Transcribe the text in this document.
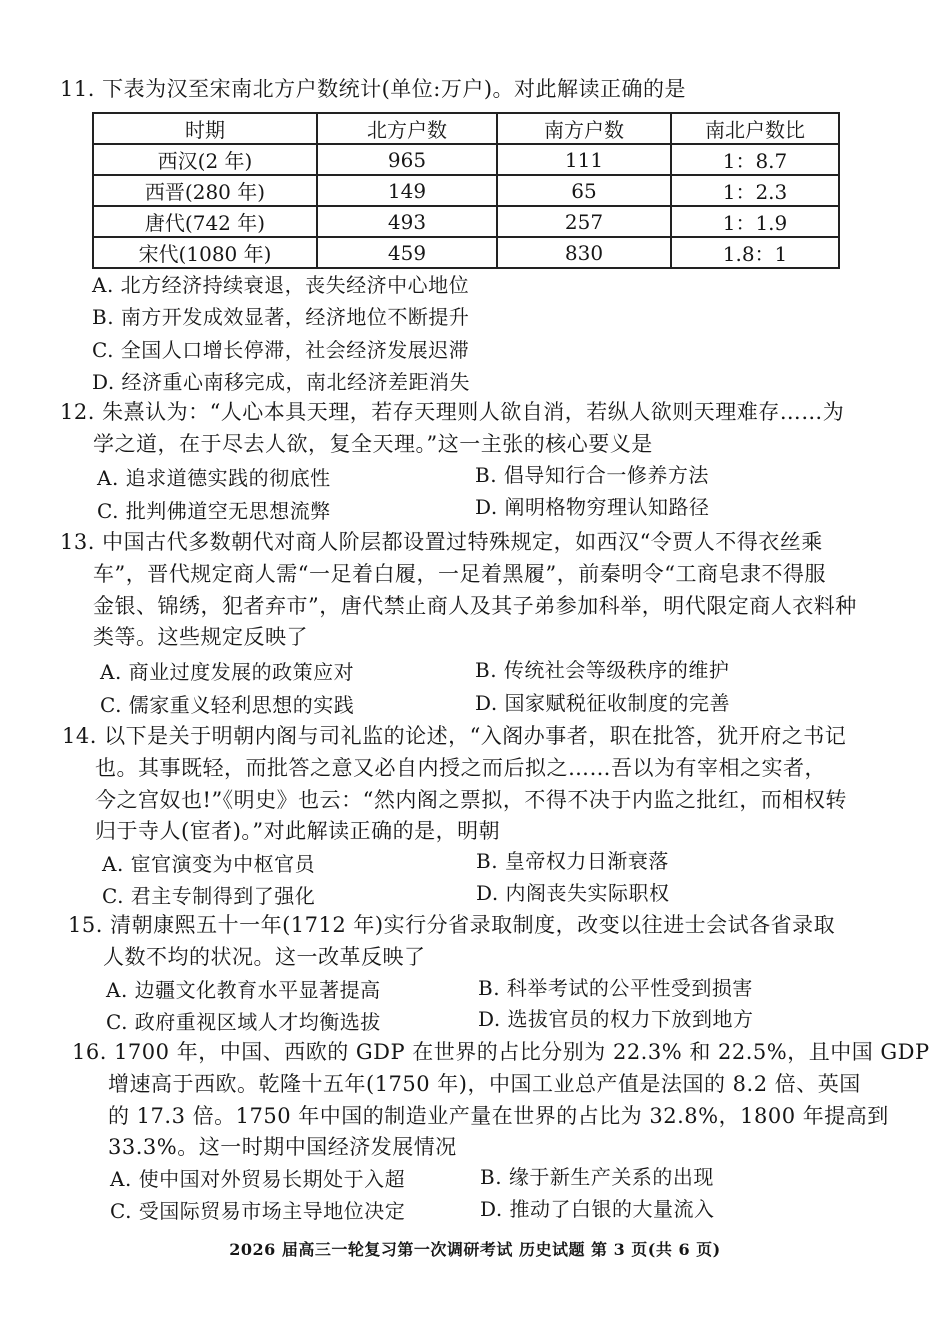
11. 下表为汉至宋南北方户数统计(单位:万户)。对此解读正确的是
时期	北方户数	南方户数	南北户数比
西汉(2 年)	965	111	1：8.7
西晋(280 年)	149	65	1：2.3
唐代(742 年)	493	257	1：1.9
宋代(1080 年)	459	830	1.8：1
A. 北方经济持续衰退，丧失经济中心地位
B. 南方开发成效显著，经济地位不断提升
C. 全国人口增长停滞，社会经济发展迟滞
D. 经济重心南移完成，南北经济差距消失
12. 朱熹认为：“人心本具天理，若存天理则人欲自消，若纵人欲则天理难存……为
学之道，在于尽去人欲，复全天理。”这一主张的核心要义是
A. 追求道德实践的彻底性	B. 倡导知行合一修养方法
C. 批判佛道空无思想流弊	D. 阐明格物穷理认知路径
13. 中国古代多数朝代对商人阶层都设置过特殊规定，如西汉“令贾人不得衣丝乘
车”，晋代规定商人需“一足着白履，一足着黑履”，前秦明令“工商皂隶不得服
金银、锦绣，犯者弃市”，唐代禁止商人及其子弟参加科举，明代限定商人衣料种
类等。这些规定反映了
A. 商业过度发展的政策应对	B. 传统社会等级秩序的维护
C. 儒家重义轻利思想的实践	D. 国家赋税征收制度的完善
14. 以下是关于明朝内阁与司礼监的论述，“入阁办事者，职在批答，犹开府之书记
也。其事既轻，而批答之意又必自内授之而后拟之……吾以为有宰相之实者，
今之宫奴也!”《明史》也云：“然内阁之票拟，不得不决于内监之批红，而相权转
归于寺人(宦者)。”对此解读正确的是，明朝
A. 宦官演变为中枢官员	B. 皇帝权力日渐衰落
C. 君主专制得到了强化	D. 内阁丧失实际职权
15. 清朝康熙五十一年(1712 年)实行分省录取制度，改变以往进士会试各省录取
人数不均的状况。这一改革反映了
A. 边疆文化教育水平显著提高	B. 科举考试的公平性受到损害
C. 政府重视区域人才均衡选拔	D. 选拔官员的权力下放到地方
16. 1700 年，中国、西欧的 GDP 在世界的占比分别为 22.3% 和 22.5%，且中国 GDP
增速高于西欧。乾隆十五年(1750 年)，中国工业总产值是法国的 8.2 倍、英国
的 17.3 倍。1750 年中国的制造业产量在世界的占比为 32.8%，1800 年提高到
33.3%。这一时期中国经济发展情况
A. 使中国对外贸易长期处于入超	B. 缘于新生产关系的出现
C. 受国际贸易市场主导地位决定	D. 推动了白银的大量流入
2026 届高三一轮复习第一次调研考试 历史试题 第 3 页(共 6 页)
